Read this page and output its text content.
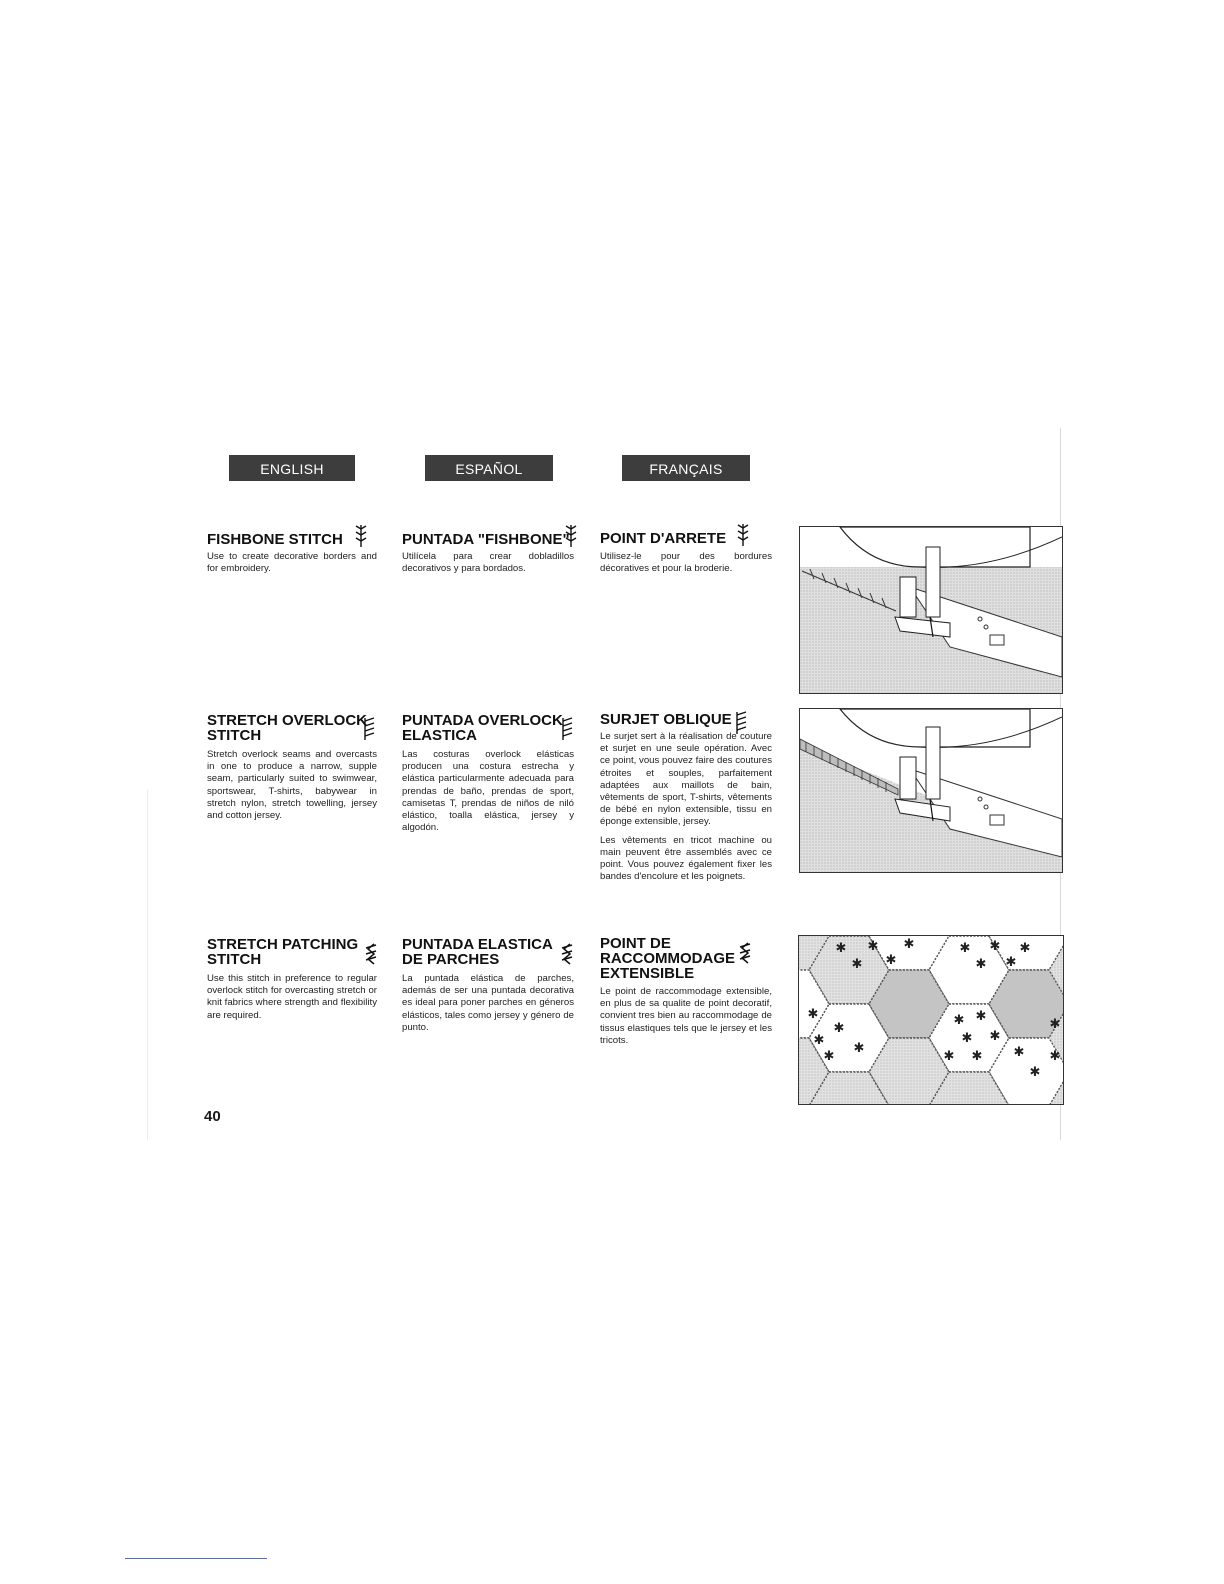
ENGLISH	ESPAÑOL	FRANÇAIS
FISHBONE STITCH

Use to create decorative borders and for embroidery.

PUNTADA "FISHBONE"

Utilícela para crear dobladillos decorativos y para bordados.

POINT D'ARRETE

Utilisez-le pour des bordures décoratives et pour la broderie.

STRETCH OVERLOCK
STITCH

Stretch overlock seams and overcasts in one to produce a narrow, supple seam, particularly suited to swimwear, sportswear, T-shirts, babywear in stretch nylon, stretch towelling, jersey and cotton jersey.

PUNTADA OVERLOCK
ELASTICA

Las costuras overlock elásticas producen una costura estrecha y elástica particularmente adecuada para prendas de baño, prendas de sport, camisetas T, prendas de niños de niló elástico, toalla elástica, jersey y algodón.

SURJET OBLIQUE

Le surjet sert à la réalisation de couture et surjet en une seule opération. Avec ce point, vous pouvez faire des coutures étroites et souples, parfaitement adaptées aux maillots de bain, vêtements de sport, T-shirts, vêtements de bébé en nylon extensible, tissu en éponge extensible, jersey.

Les vêtements en tricot machine ou main peuvent être assemblés avec ce point. Vous pouvez également fixer les bandes d'encolure et les poignets.

STRETCH PATCHING
STITCH

Use this stitch in preference to regular overlock stitch for overcasting stretch or knit fabrics where strength and flexibility are required.

PUNTADA ELASTICA
DE PARCHES

La puntada elástica de parches, además de ser una puntada decorativa es ideal para poner parches en géneros elásticos, tales como jersey y género de punto.

POINT DE
RACCOMMODAGE
EXTENSIBLE

Le point de raccommodage extensible, en plus de sa qualite de point decoratif, convient tres bien au raccommodage de tissus elastiques tels que le jersey et les tricots.

✱ ✱ ✱
✱
✱
✱ ✱ ✱
✱ ✱
✱
✱
✱
✱
✱
✱ ✱
✱ ✱
✱ ✱
✱
✱
✱
✱
40
